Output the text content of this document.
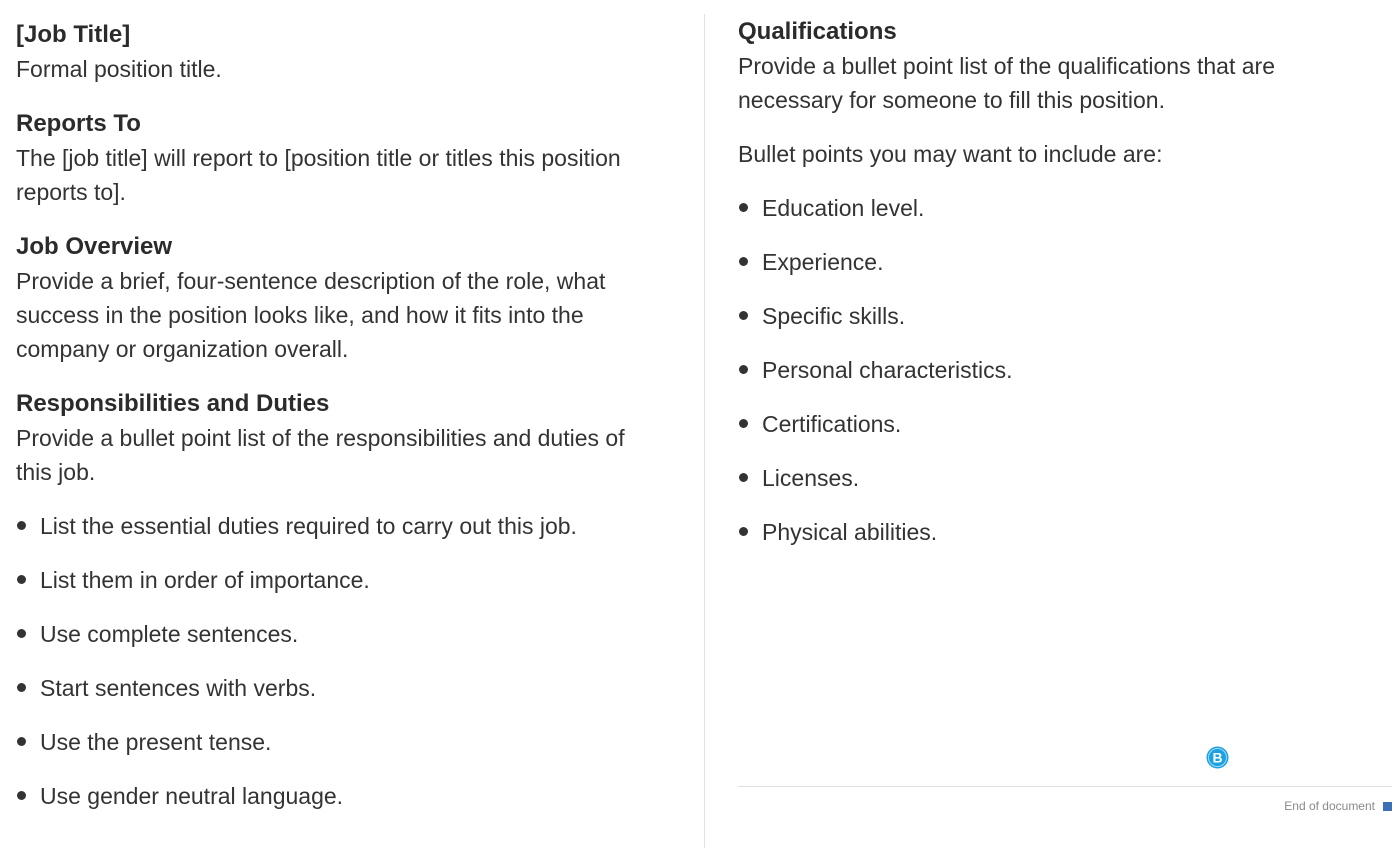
[Job Title]

Formal position title.

Reports To

The [job title] will report to [position title or titles this position reports to].

Job Overview

Provide a brief, four-sentence description of the role, what success in the position looks like, and how it fits into the company or organization overall.

Responsibilities and Duties

Provide a bullet point list of the responsibilities and duties of this job.

List the essential duties required to carry out this job.
List them in order of importance.
Use complete sentences.
Start sentences with verbs.
Use the present tense.
Use gender neutral language.
Qualifications

Provide a bullet point list of the qualifications that are necessary for someone to fill this position.

Bullet points you may want to include are:

Education level.
Experience.
Specific skills.
Personal characteristics.
Certifications.
Licenses.
Physical abilities.
B
End of document
